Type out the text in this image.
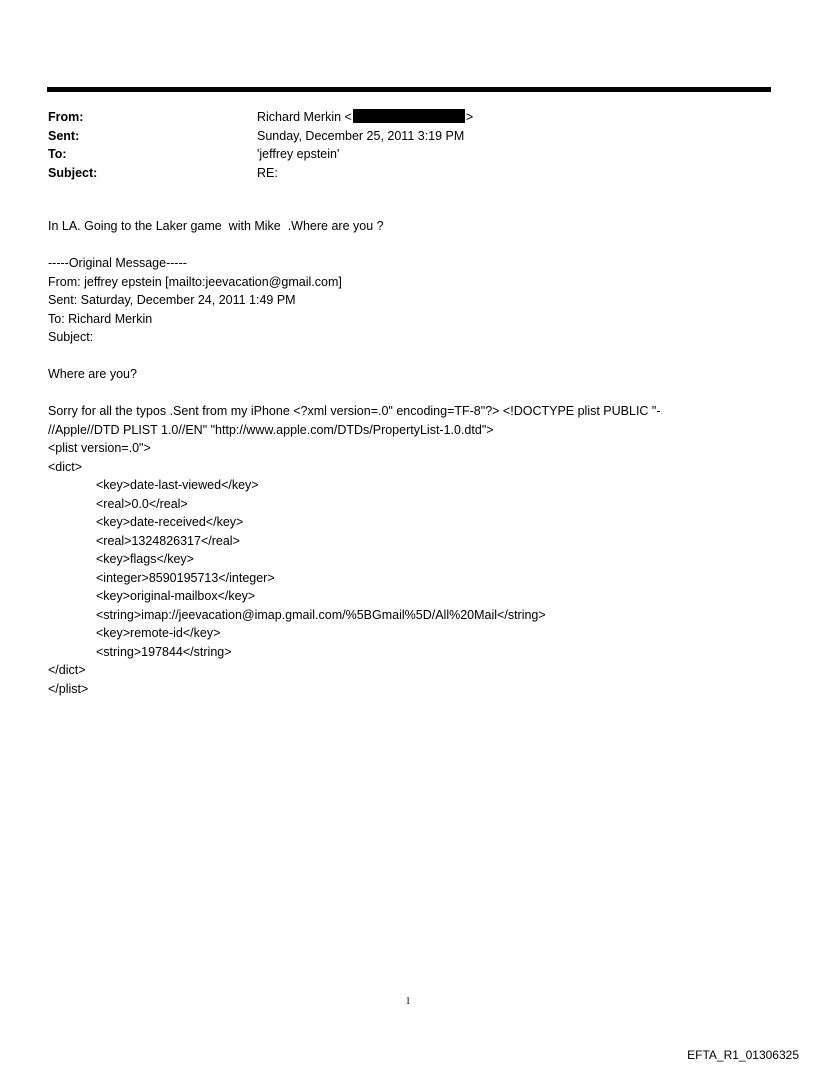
From:	Richard Merkin <	>
Sent:	Sunday, December 25, 2011 3:19 PM
To:	'jeffrey epstein'
Subject:	RE:
In LA. Going to the Laker game  with Mike  .Where are you ?
-----Original Message-----
From: jeffrey epstein [mailto:jeevacation@gmail.com]
Sent: Saturday, December 24, 2011 1:49 PM
To: Richard Merkin
Subject:
Where are you?
Sorry for all the typos .Sent from my iPhone <?xml version=.0" encoding=TF-8"?> <!DOCTYPE plist PUBLIC "-
//Apple//DTD PLIST 1.0//EN" "http://www.apple.com/DTDs/PropertyList-1.0.dtd">
<plist version=.0">
<dict>
<key>date-last-viewed</key>
<real>0.0</real>
<key>date-received</key>
<real>1324826317</real>
<key>flags</key>
<integer>8590195713</integer>
<key>original-mailbox</key>
<string>imap://jeevacation@imap.gmail.com/%5BGmail%5D/All%20Mail</string>
<key>remote-id</key>
<string>197844</string>
</dict>
</plist>
1
EFTA_R1_01306325
